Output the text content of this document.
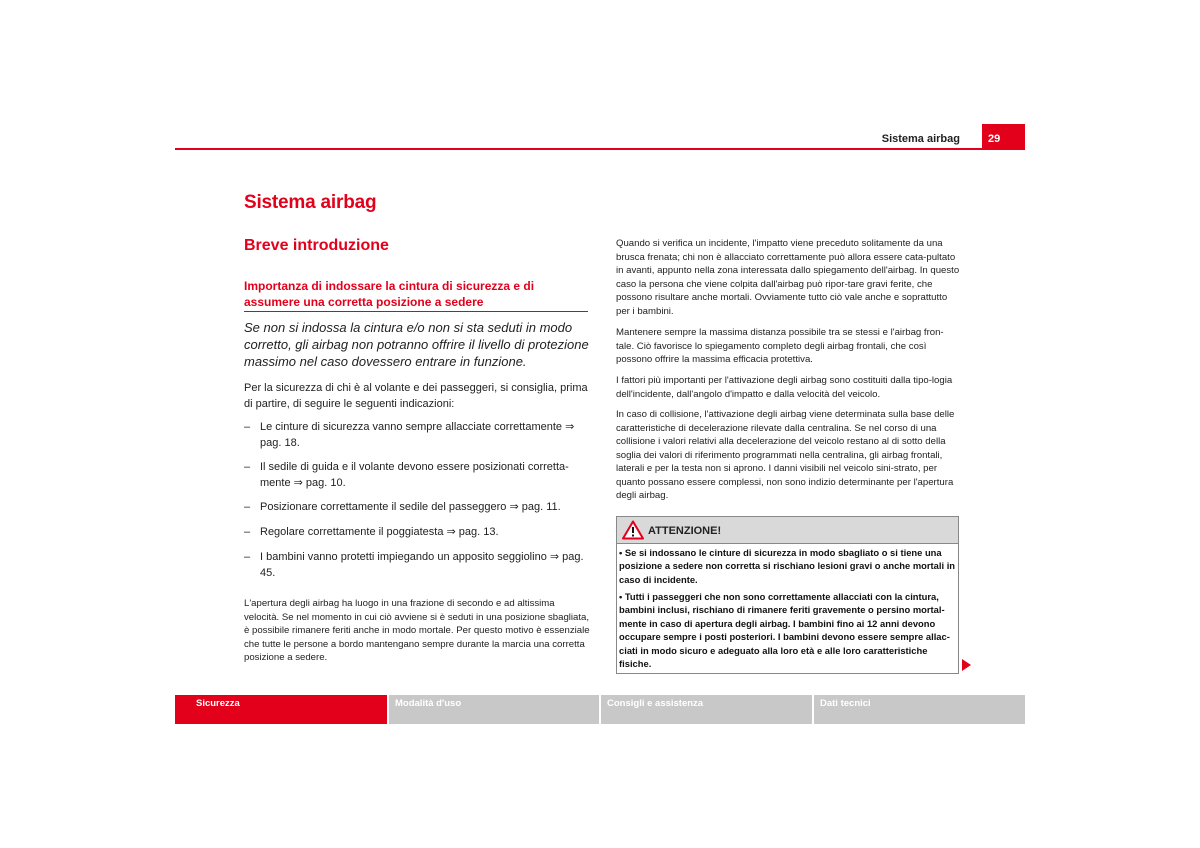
Sistema airbag	29
Sistema airbag
Breve introduzione
Importanza di indossare la cintura di sicurezza e di assumere una corretta posizione a sedere
Se non si indossa la cintura e/o non si sta seduti in modo corretto, gli airbag non potranno offrire il livello di protezione massimo nel caso dovessero entrare in funzione.
Per la sicurezza di chi è al volante e dei passeggeri, si consiglia, prima di partire, di seguire le seguenti indicazioni:
– Le cinture di sicurezza vanno sempre allacciate correttamente ⇒ pag. 18.
– Il sedile di guida e il volante devono essere posizionati corretta-mente ⇒ pag. 10.
– Posizionare correttamente il sedile del passeggero ⇒ pag. 11.
– Regolare correttamente il poggiatesta ⇒ pag. 13.
– I bambini vanno protetti impiegando un apposito seggiolino ⇒ pag. 45.
L'apertura degli airbag ha luogo in una frazione di secondo e ad altissima velocità. Se nel momento in cui ciò avviene si è seduti in una posizione sbagliata, è possibile rimanere feriti anche in modo mortale. Per questo motivo è essenziale che tutte le persone a bordo mantengano sempre durante la marcia una corretta posizione a sedere.
Quando si verifica un incidente, l'impatto viene preceduto solitamente da una brusca frenata; chi non è allacciato correttamente può allora essere cata-pultato in avanti, appunto nella zona interessata dallo spiegamento dell'airbag. In questo caso la persona che viene colpita dall'airbag può ripor-tare gravi ferite, che possono risultare anche mortali. Ovviamente tutto ciò vale anche e soprattutto per i bambini.
Mantenere sempre la massima distanza possibile tra se stessi e l'airbag fron-tale. Ciò favorisce lo spiegamento completo degli airbag frontali, che così possono offrire la massima efficacia protettiva.
I fattori più importanti per l'attivazione degli airbag sono costituiti dalla tipo-logia dell'incidente, dall'angolo d'impatto e dalla velocità del veicolo.
In caso di collisione, l'attivazione degli airbag viene determinata sulla base delle caratteristiche di decelerazione rilevate dalla centralina. Se nel corso di una collisione i valori relativi alla decelerazione del veicolo restano al di sotto della soglia dei valori di riferimento programmati nella centralina, gli airbag frontali, laterali e per la testa non si aprono. I danni visibili nel veicolo sini-strato, per quanto possano essere complessi, non sono indizio determinante per l'apertura degli airbag.
ATTENZIONE!
• Se si indossano le cinture di sicurezza in modo sbagliato o si tiene una posizione a sedere non corretta si rischiano lesioni gravi o anche mortali in caso di incidente.
• Tutti i passeggeri che non sono correttamente allacciati con la cintura, bambini inclusi, rischiano di rimanere feriti gravemente o persino mortal-mente in caso di apertura degli airbag. I bambini fino ai 12 anni devono occupare sempre i posti posteriori. I bambini devono essere sempre allac-ciati in modo sicuro e adeguato alla loro età e alle loro caratteristiche fisiche.
Sicurezza	Modalità d'uso	Consigli e assistenza	Dati tecnici
